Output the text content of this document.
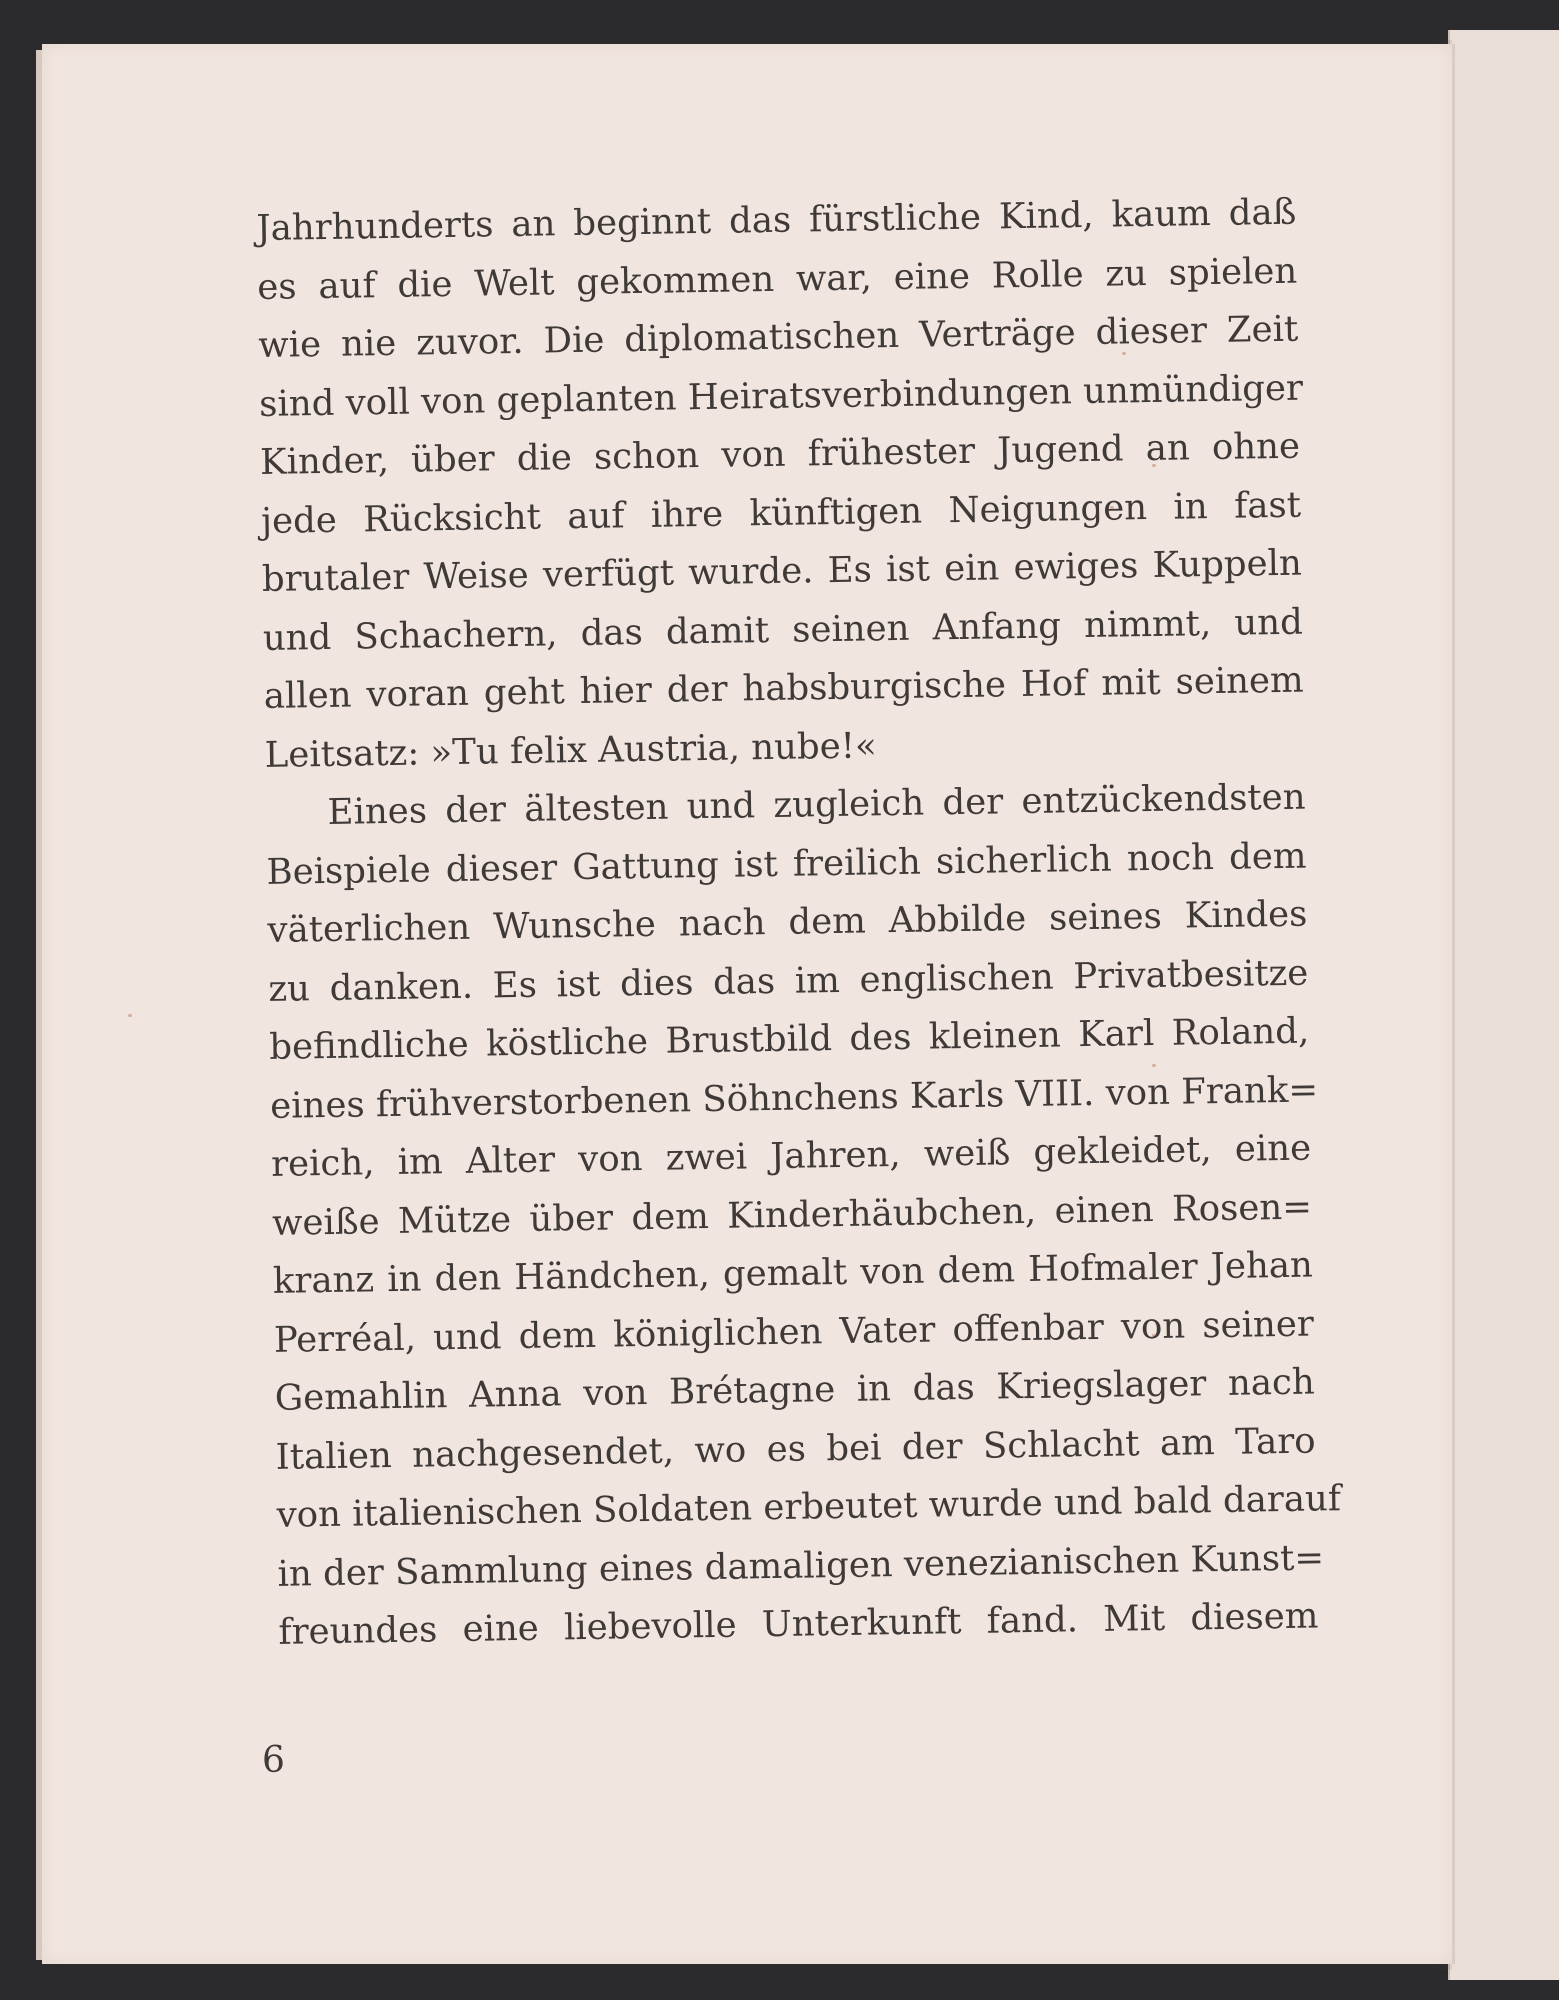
Jahrhunderts an beginnt das fürstliche Kind, kaum daß
es auf die Welt gekommen war, eine Rolle zu spielen
wie nie zuvor. Die diplomatischen Verträge dieser Zeit
sind voll von geplanten Heiratsverbindungen unmündiger
Kinder, über die schon von frühester Jugend an ohne
jede Rücksicht auf ihre künftigen Neigungen in fast
brutaler Weise verfügt wurde. Es ist ein ewiges Kuppeln
und Schachern, das damit seinen Anfang nimmt, und
allen voran geht hier der habsburgische Hof mit seinem
Leitsatz: »Tu felix Austria, nube!«
Eines der ältesten und zugleich der entzückendsten
Beispiele dieser Gattung ist freilich sicherlich noch dem
väterlichen Wunsche nach dem Abbilde seines Kindes
zu danken. Es ist dies das im englischen Privatbesitze
befindliche köstliche Brustbild des kleinen Karl Roland,
eines frühverstorbenen Söhnchens Karls VIII. von Frank=
reich, im Alter von zwei Jahren, weiß gekleidet, eine
weiße Mütze über dem Kinderhäubchen, einen Rosen=
kranz in den Händchen, gemalt von dem Hofmaler Jehan
Perréal, und dem königlichen Vater offenbar von seiner
Gemahlin Anna von Brétagne in das Kriegslager nach
Italien nachgesendet, wo es bei der Schlacht am Taro
von italienischen Soldaten erbeutet wurde und bald darauf
in der Sammlung eines damaligen venezianischen Kunst=
freundes eine liebevolle Unterkunft fand. Mit diesem
6
